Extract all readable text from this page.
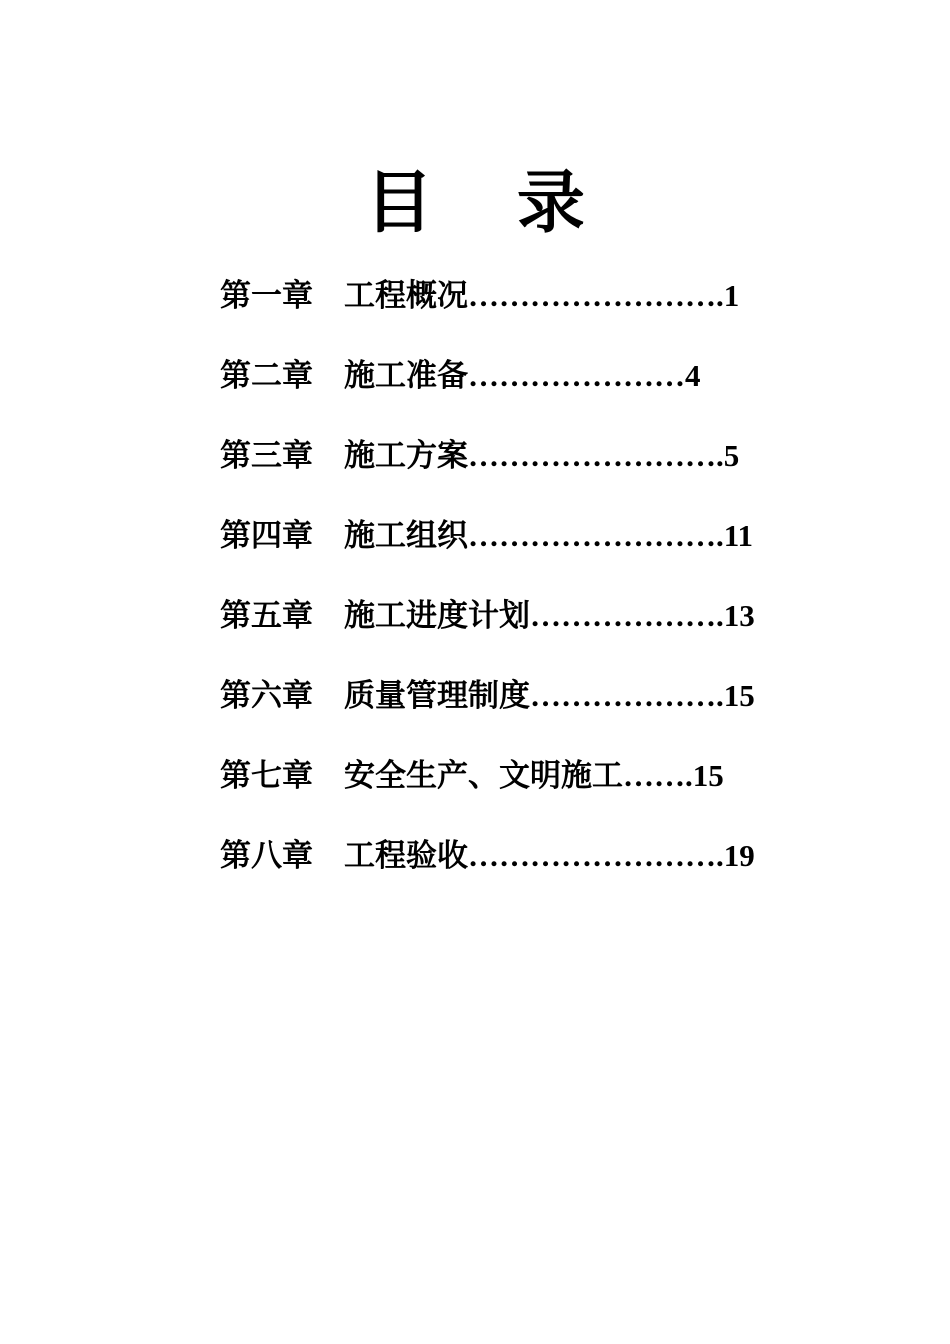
目 录
第一章 工程概况…………………….1
第二章 施工准备…………………4
第三章 施工方案…………………….5
第四章 施工组织…………………….11
第五章 施工进度计划……………….13
第六章 质量管理制度……………….15
第七章 安全生产、文明施工…….15
第八章 工程验收…………………….19
